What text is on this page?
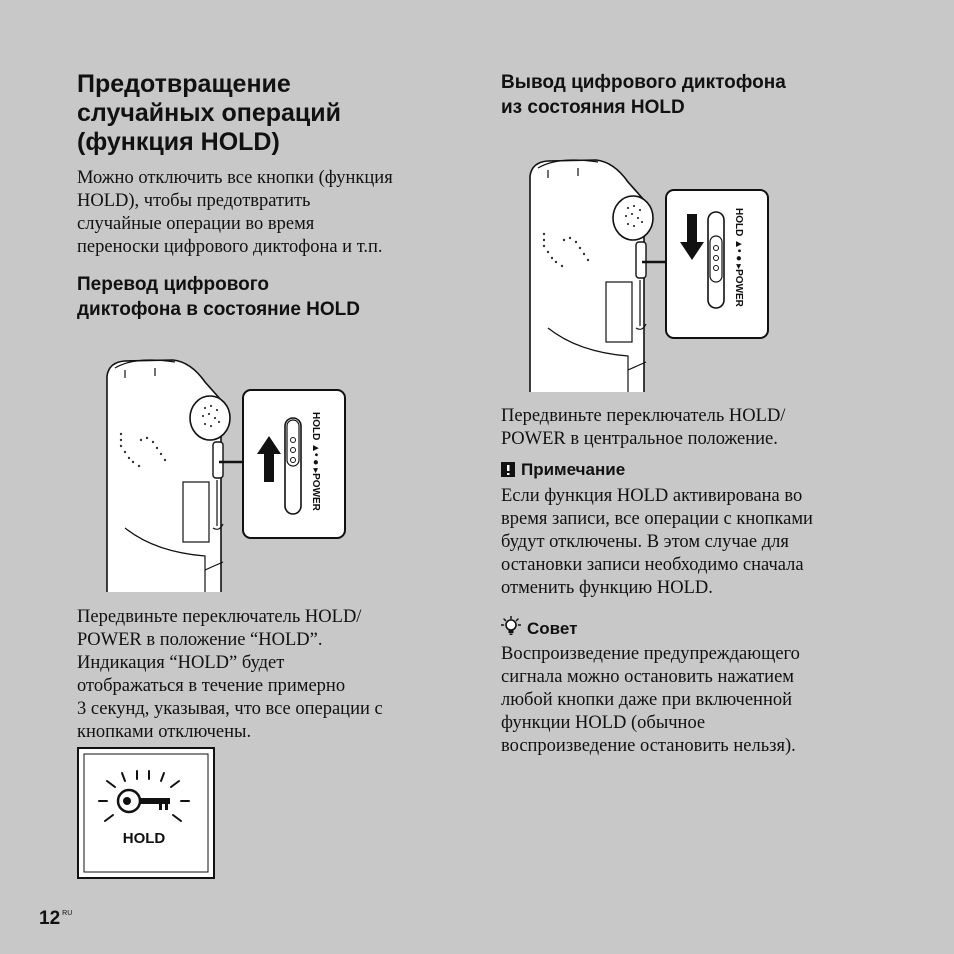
Предотвращение
случайных операций
(функция HOLD)
Можно отключить все кнопки (функция
HOLD), чтобы предотвратить
случайные операции во время
переноски цифрового диктофона и т.п.
Перевод цифрового
диктофона в состояние HOLD
HOLD ▲• ● ▸POWER
Передвиньте переключатель HOLD/
POWER в положение “HOLD”.
Индикация “HOLD” будет
отображаться в течение примерно
3 секунд, указывая, что все операции с
кнопками отключены.
HOLD
Вывод цифрового диктофона
из состояния HOLD
HOLD ▲• ● ▸POWER
Передвиньте переключатель HOLD/
POWER в центральное положение.
Примечание
Если функция HOLD активирована во
время записи, все операции с кнопками
будут отключены. В этом случае для
остановки записи необходимо сначала
отменить функцию HOLD.
Совет
Воспроизведение предупреждающего
сигнала можно остановить нажатием
любой кнопки даже при включенной
функции HOLD (обычное
воспроизведение остановить нельзя).
12 $^{RU}$
